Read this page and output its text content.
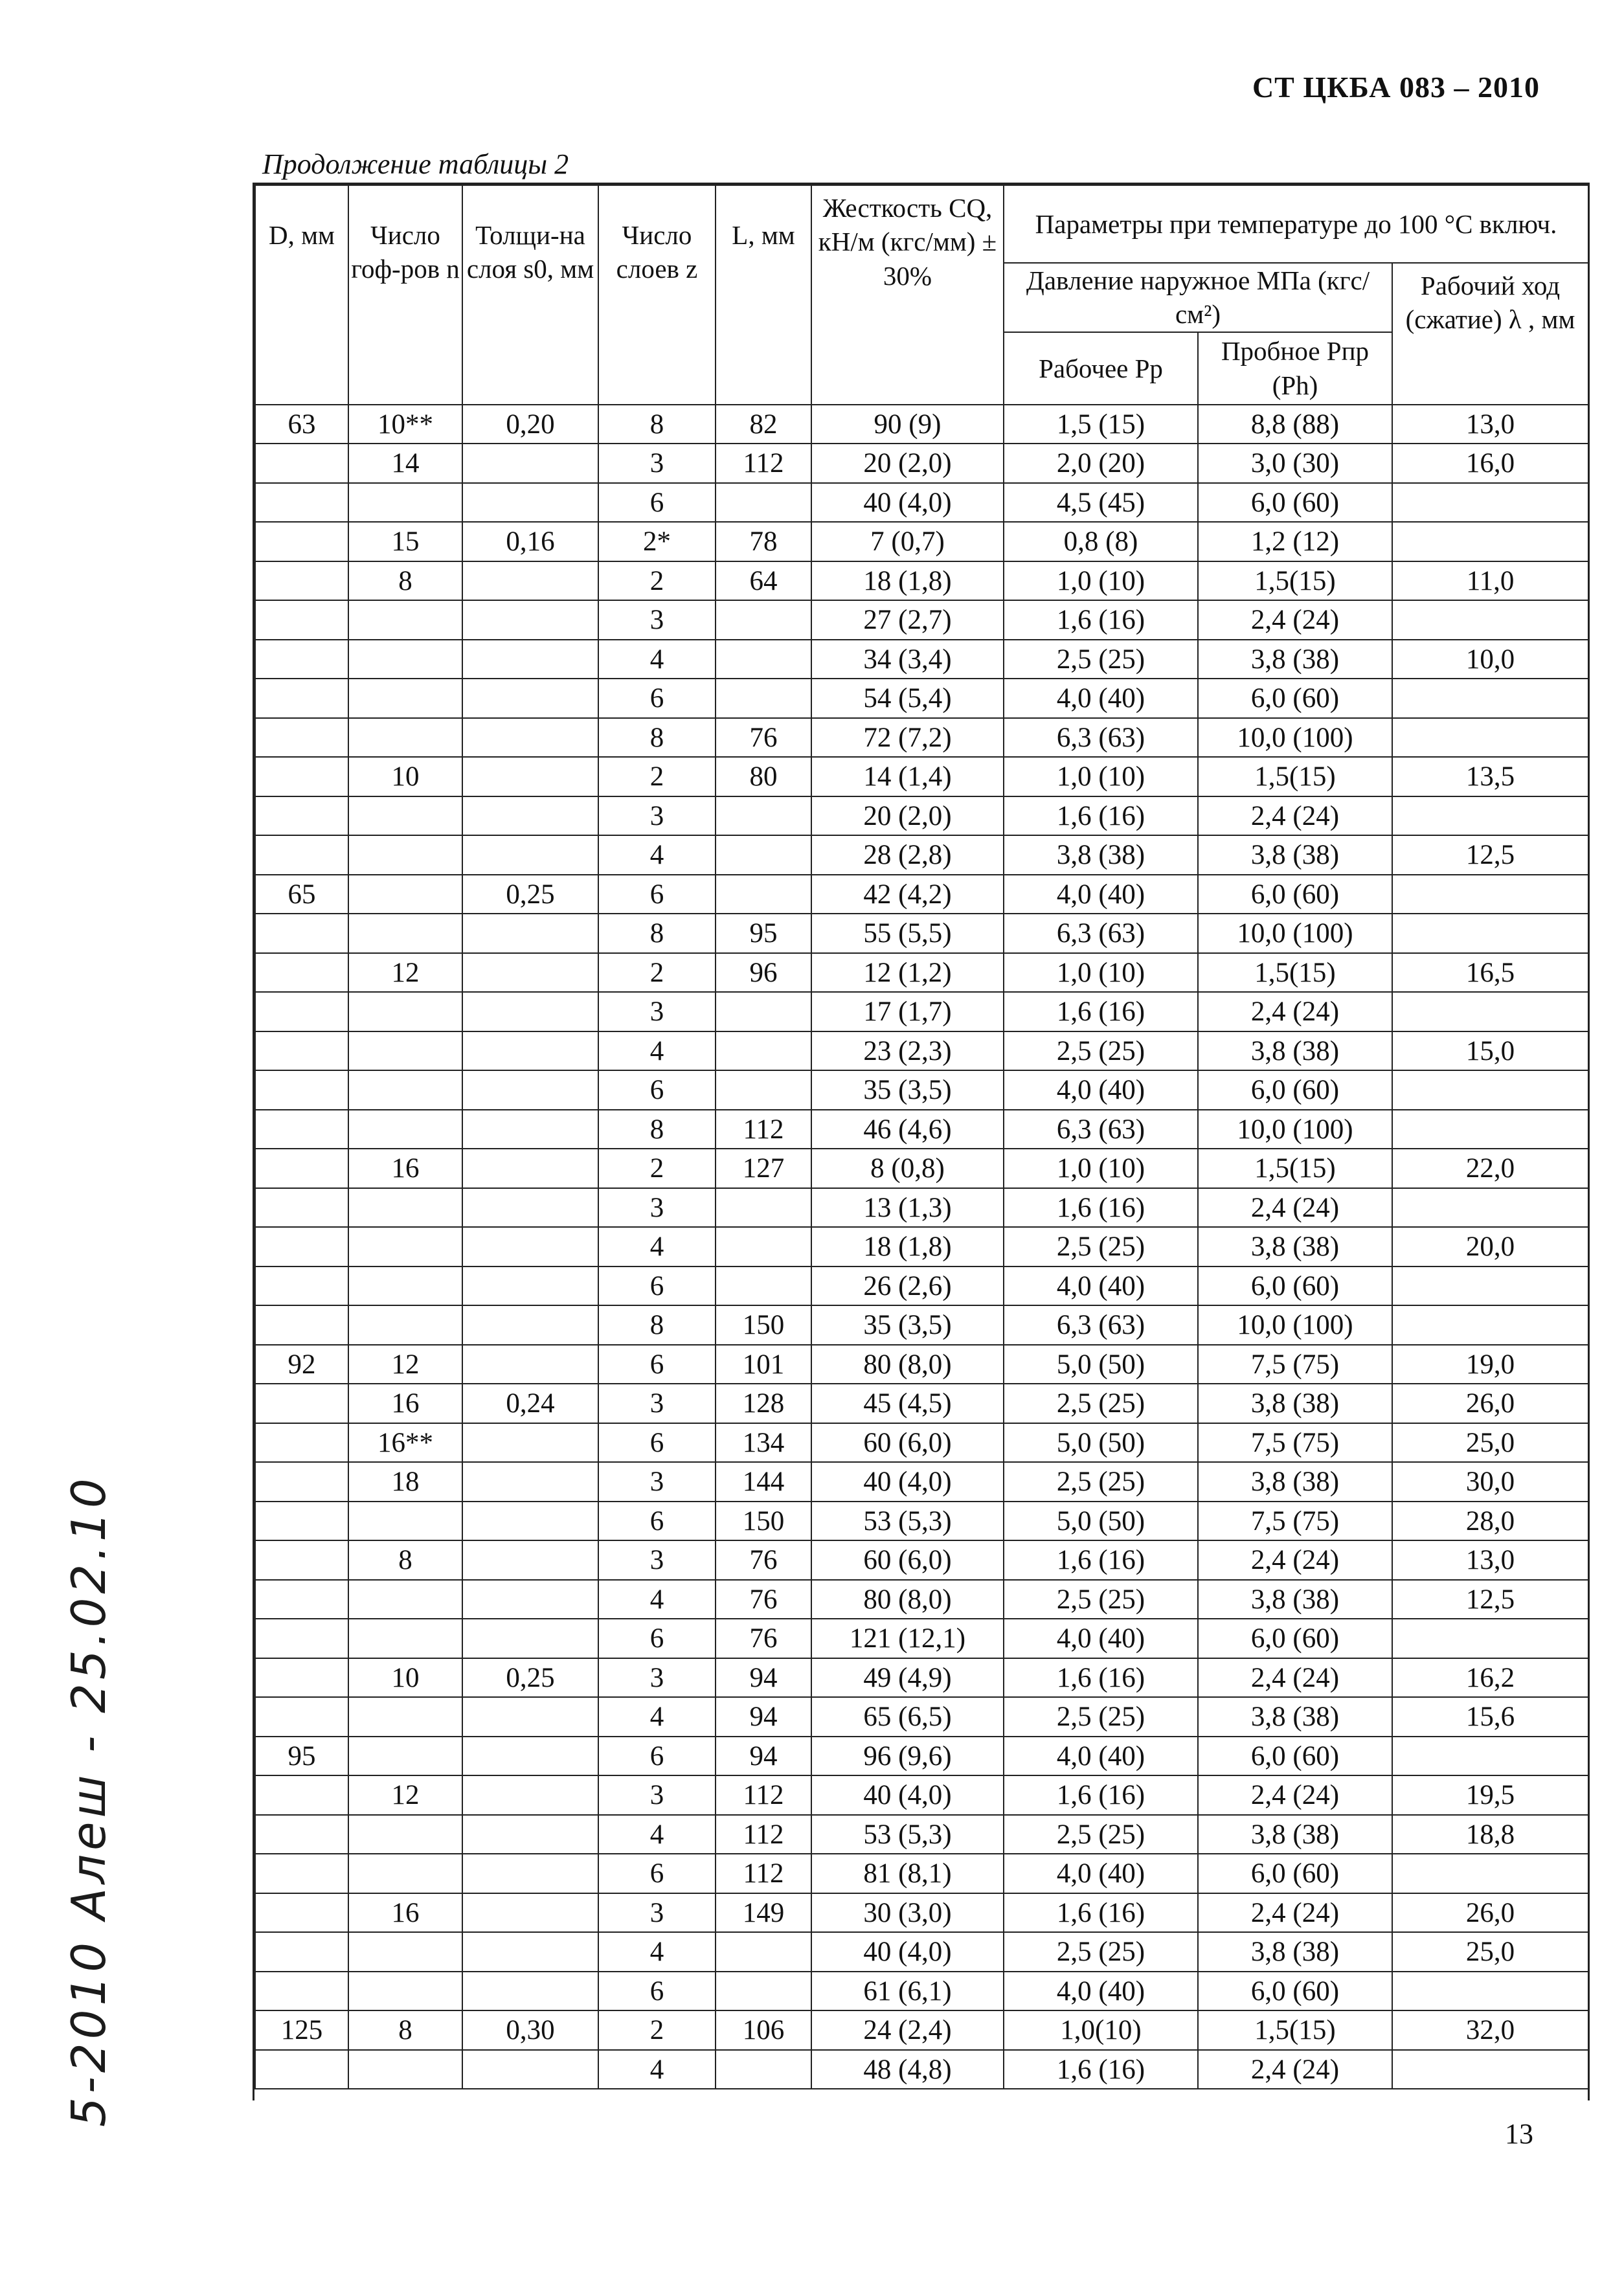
СТ ЦКБА 083 – 2010
Продолжение таблицы 2
D, мм	Число гоф-ров n	Толщи-на слоя s0, мм	Число слоев z	L, мм	Жесткость CQ, кН/м (кгс/мм) ± 30%	Параметры при температуре до 100 °С включ.		
						Давление наружное МПа (кгс/см²)		Рабочий ход (сжатие) λ , мм
						Рабочее Pp	Пробное Pпр (Ph)	
63	10**	0,20	8	82	90 (9)	1,5 (15)	8,8 (88)	13,0
	14		3	112	20 (2,0)	2,0 (20)	3,0 (30)	16,0
			6		40 (4,0)	4,5 (45)	6,0 (60)	
	15	0,16	2*	78	7 (0,7)	0,8 (8)	1,2 (12)	
	8		2	64	18 (1,8)	1,0 (10)	1,5(15)	11,0
			3		27 (2,7)	1,6 (16)	2,4 (24)	
			4		34 (3,4)	2,5 (25)	3,8 (38)	10,0
			6		54 (5,4)	4,0 (40)	6,0 (60)	
			8	76	72 (7,2)	6,3 (63)	10,0 (100)	
	10		2	80	14 (1,4)	1,0 (10)	1,5(15)	13,5
			3		20 (2,0)	1,6 (16)	2,4 (24)	
			4		28 (2,8)	3,8 (38)	3,8 (38)	12,5
65		0,25	6		42 (4,2)	4,0 (40)	6,0 (60)	
			8	95	55 (5,5)	6,3 (63)	10,0 (100)	
	12		2	96	12 (1,2)	1,0 (10)	1,5(15)	16,5
			3		17 (1,7)	1,6 (16)	2,4 (24)	
			4		23 (2,3)	2,5 (25)	3,8 (38)	15,0
			6		35 (3,5)	4,0 (40)	6,0 (60)	
			8	112	46 (4,6)	6,3 (63)	10,0 (100)	
	16		2	127	8 (0,8)	1,0 (10)	1,5(15)	22,0
			3		13 (1,3)	1,6 (16)	2,4 (24)	
			4		18 (1,8)	2,5 (25)	3,8 (38)	20,0
			6		26 (2,6)	4,0 (40)	6,0 (60)	
			8	150	35 (3,5)	6,3 (63)	10,0 (100)	
92	12		6	101	80 (8,0)	5,0 (50)	7,5 (75)	19,0
	16	0,24	3	128	45 (4,5)	2,5 (25)	3,8 (38)	26,0
	16**		6	134	60 (6,0)	5,0 (50)	7,5 (75)	25,0
	18		3	144	40 (4,0)	2,5 (25)	3,8 (38)	30,0
			6	150	53 (5,3)	5,0 (50)	7,5 (75)	28,0
	8		3	76	60 (6,0)	1,6 (16)	2,4 (24)	13,0
			4	76	80 (8,0)	2,5 (25)	3,8 (38)	12,5
			6	76	121 (12,1)	4,0 (40)	6,0 (60)	
	10	0,25	3	94	49 (4,9)	1,6 (16)	2,4 (24)	16,2
			4	94	65 (6,5)	2,5 (25)	3,8 (38)	15,6
95			6	94	96 (9,6)	4,0 (40)	6,0 (60)	
	12		3	112	40 (4,0)	1,6 (16)	2,4 (24)	19,5
			4	112	53 (5,3)	2,5 (25)	3,8 (38)	18,8
			6	112	81 (8,1)	4,0 (40)	6,0 (60)	
	16		3	149	30 (3,0)	1,6 (16)	2,4 (24)	26,0
			4		40 (4,0)	2,5 (25)	3,8 (38)	25,0
			6		61 (6,1)	4,0 (40)	6,0 (60)	
125	8	0,30	2	106	24 (2,4)	1,0(10)	1,5(15)	32,0
			4		48 (4,8)	1,6 (16)	2,4 (24)	
5-2010 Алеш - 25.02.10
13
